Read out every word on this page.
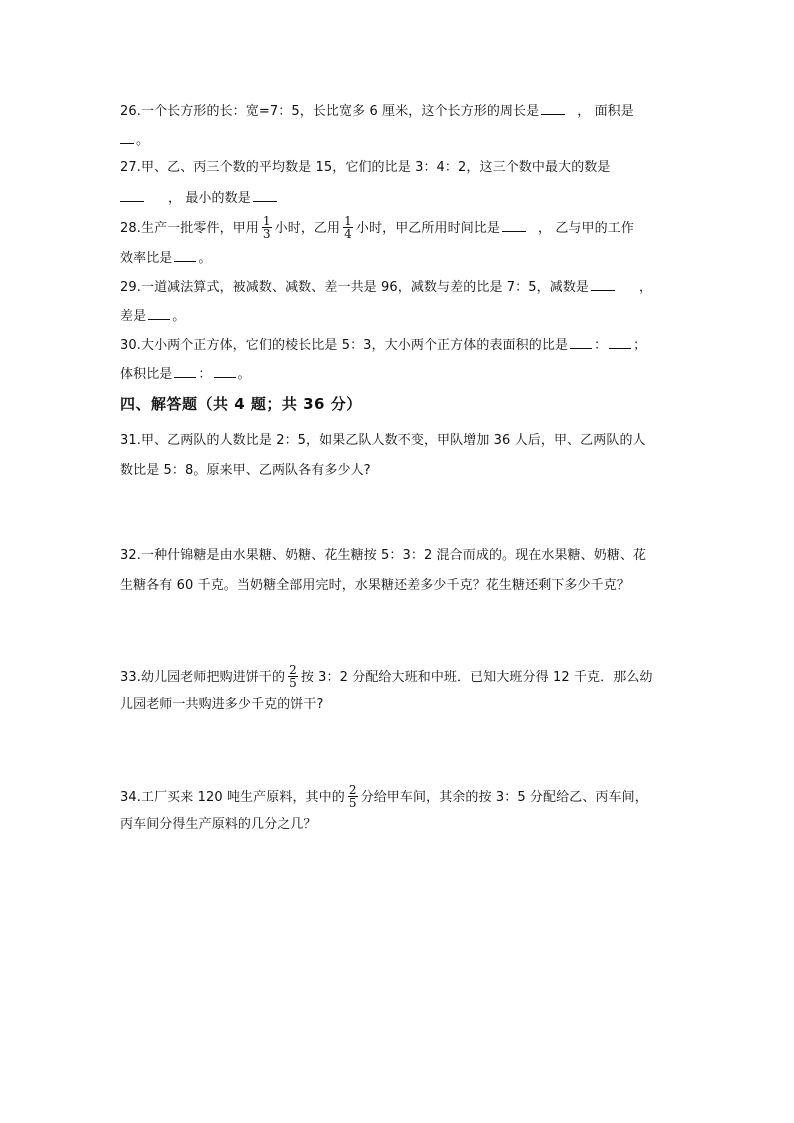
26.一个长方形的长：宽=7：5，长比宽多 6 厘米，这个长方形的周长是	， 面积是
。
27.甲、乙、丙三个数的平均数是 15，它们的比是 3：4：2，这三个数中最大的数是
， 最小的数是
28.生产一批零件，甲用 $\frac{1}{3}$ 小时，乙用 $\frac{1}{4}$ 小时，甲乙所用时间比是	， 乙与甲的工作
效率比是 。
29.一道减法算式，被减数、减数、差一共是 96，减数与差的比是 7：5，减数是	，
差是 。
30.大小两个正方体，它们的棱长比是 5：3，大小两个正方体的表面积的比是 ： ；
体积比是 ： 。
四、解答题（共 4 题；共 36 分）
31.甲、乙两队的人数比是 2：5，如果乙队人数不变，甲队增加 36 人后，甲、乙两队的人
数比是 5：8。原来甲、乙两队各有多少人?
32.一种什锦糖是由水果糖、奶糖、花生糖按 5：3：2 混合而成的。现在水果糖、奶糖、花
生糖各有 60 千克。当奶糖全部用完时，水果糖还差多少千克？花生糖还剩下多少千克？
33.幼儿园老师把购进饼干的 $\frac{2}{5}$ 按 3：2 分配给大班和中班．已知大班分得 12 千克．那么幼
儿园老师一共购进多少千克的饼干?
34.工厂买来 120 吨生产原料，其中的 $\frac{2}{5}$ 分给甲车间，其余的按 3：5 分配给乙、丙车间，
丙车间分得生产原料的几分之几？
